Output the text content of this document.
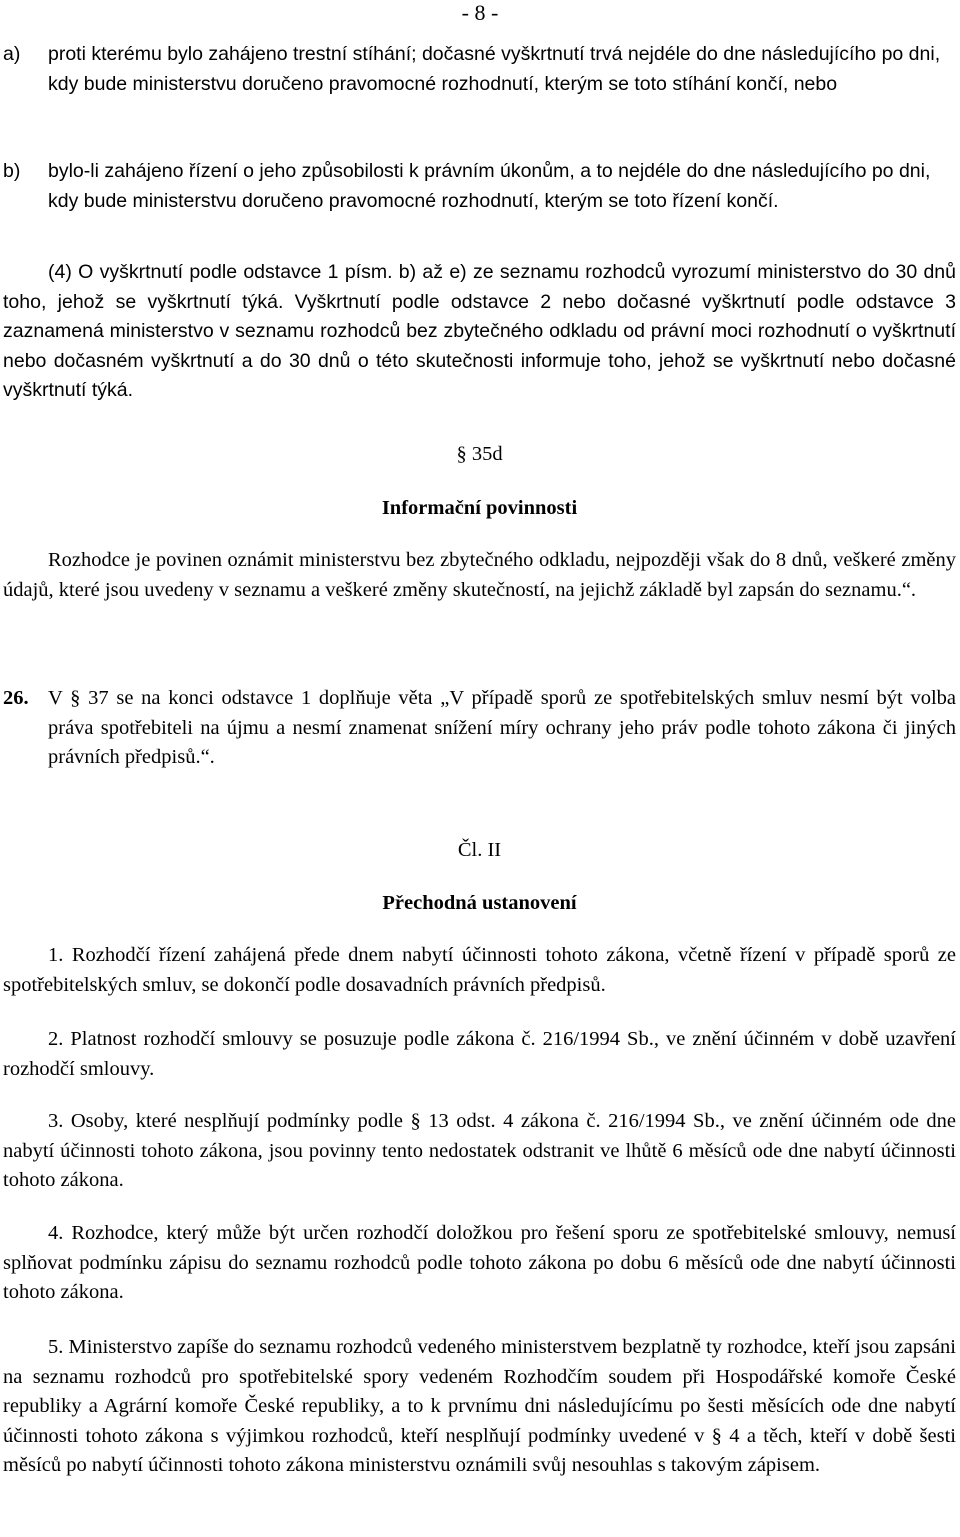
- 8 -
a)	proti kterému bylo zahájeno trestní stíhání; dočasné vyškrtnutí trvá nejdéle do dne následujícího po dni, kdy bude ministerstvu doručeno pravomocné rozhodnutí, kterým se toto stíhání končí, nebo
b)	bylo-li zahájeno řízení o jeho způsobilosti k právním úkonům, a to nejdéle do dne následujícího po dni, kdy bude ministerstvu doručeno pravomocné rozhodnutí, kterým se toto řízení končí.

(4) O vyškrtnutí podle odstavce 1 písm. b) až e) ze seznamu rozhodců vyrozumí ministerstvo do 30 dnů toho, jehož se vyškrtnutí týká. Vyškrtnutí podle odstavce 2 nebo dočasné vyškrtnutí podle odstavce 3 zaznamená ministerstvo v seznamu rozhodců bez zbytečného odkladu od právní moci rozhodnutí o vyškrtnutí nebo dočasném vyškrtnutí a do 30 dnů o této skutečnosti informuje toho, jehož se vyškrtnutí nebo dočasné vyškrtnutí týká.

§ 35d
Informační povinnosti

Rozhodce je povinen oznámit ministerstvu bez zbytečného odkladu, nejpozději však do 8 dnů, veškeré změny údajů, které jsou uvedeny v seznamu a veškeré změny skutečností, na jejichž základě byl zapsán do seznamu.“.

26. V § 37 se na konci odstavce 1 doplňuje věta „V případě sporů ze spotřebitelských smluv nesmí být volba práva spotřebiteli na újmu a nesmí znamenat snížení míry ochrany jeho práv podle tohoto zákona či jiných právních předpisů.“.
Čl. II
Přechodná ustanovení

1. Rozhodčí řízení zahájená přede dnem nabytí účinnosti tohoto zákona, včetně řízení v případě sporů ze spotřebitelských smluv, se dokončí podle dosavadních právních předpisů.

2. Platnost rozhodčí smlouvy se posuzuje podle zákona č. 216/1994 Sb., ve znění účinném v době uzavření rozhodčí smlouvy.

3. Osoby, které nesplňují podmínky podle § 13 odst. 4 zákona č. 216/1994 Sb., ve znění účinném ode dne nabytí účinnosti tohoto zákona, jsou povinny tento nedostatek odstranit ve lhůtě 6 měsíců ode dne nabytí účinnosti tohoto zákona.

4. Rozhodce, který může být určen rozhodčí doložkou pro řešení sporu ze spotřebitelské smlouvy, nemusí splňovat podmínku zápisu do seznamu rozhodců podle tohoto zákona po dobu 6 měsíců ode dne nabytí účinnosti tohoto zákona.

5. Ministerstvo zapíše do seznamu rozhodců vedeného ministerstvem bezplatně ty rozhodce, kteří jsou zapsáni na seznamu rozhodců pro spotřebitelské spory vedeném Rozhodčím soudem při Hospodářské komoře České republiky a Agrární komoře České republiky, a to k prvnímu dni následujícímu po šesti měsících ode dne nabytí účinnosti tohoto zákona s výjimkou rozhodců, kteří nesplňují podmínky uvedené v § 4 a těch, kteří v době šesti měsíců po nabytí účinnosti tohoto zákona ministerstvu oznámili svůj nesouhlas s takovým zápisem.
